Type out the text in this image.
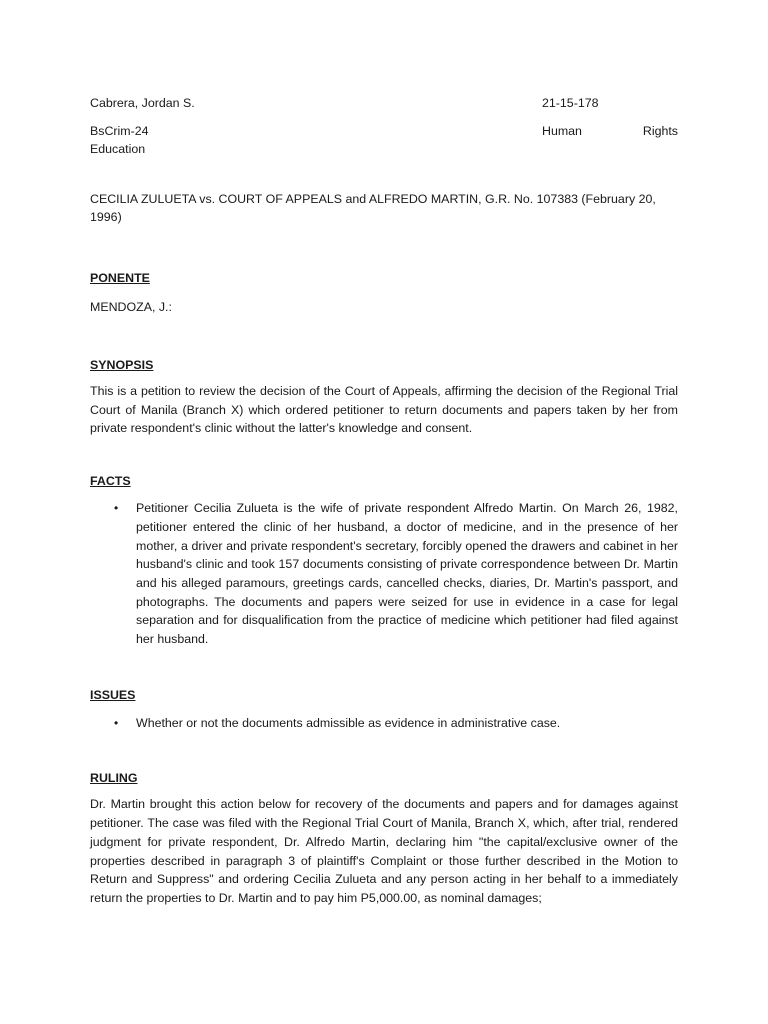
Cabrera, Jordan S.	21-15-178
BsCrim-24	Human Rights
Education
CECILIA ZULUETA vs. COURT OF APPEALS and ALFREDO MARTIN, G.R. No. 107383 (February 20, 1996)
PONENTE
MENDOZA, J.:
SYNOPSIS
This is a petition to review the decision of the Court of Appeals, affirming the decision of the Regional Trial Court of Manila (Branch X) which ordered petitioner to return documents and papers taken by her from private respondent's clinic without the latter's knowledge and consent.
FACTS
• Petitioner Cecilia Zulueta is the wife of private respondent Alfredo Martin. On March 26, 1982, petitioner entered the clinic of her husband, a doctor of medicine, and in the presence of her mother, a driver and private respondent's secretary, forcibly opened the drawers and cabinet in her husband's clinic and took 157 documents consisting of private correspondence between Dr. Martin and his alleged paramours, greetings cards, cancelled checks, diaries, Dr. Martin's passport, and photographs. The documents and papers were seized for use in evidence in a case for legal separation and for disqualification from the practice of medicine which petitioner had filed against her husband.
ISSUES
• Whether or not the documents admissible as evidence in administrative case.
RULING
Dr. Martin brought this action below for recovery of the documents and papers and for damages against petitioner. The case was filed with the Regional Trial Court of Manila, Branch X, which, after trial, rendered judgment for private respondent, Dr. Alfredo Martin, declaring him "the capital/exclusive owner of the properties described in paragraph 3 of plaintiff's Complaint or those further described in the Motion to Return and Suppress" and ordering Cecilia Zulueta and any person acting in her behalf to a immediately return the properties to Dr. Martin and to pay him P5,000.00, as nominal damages;
